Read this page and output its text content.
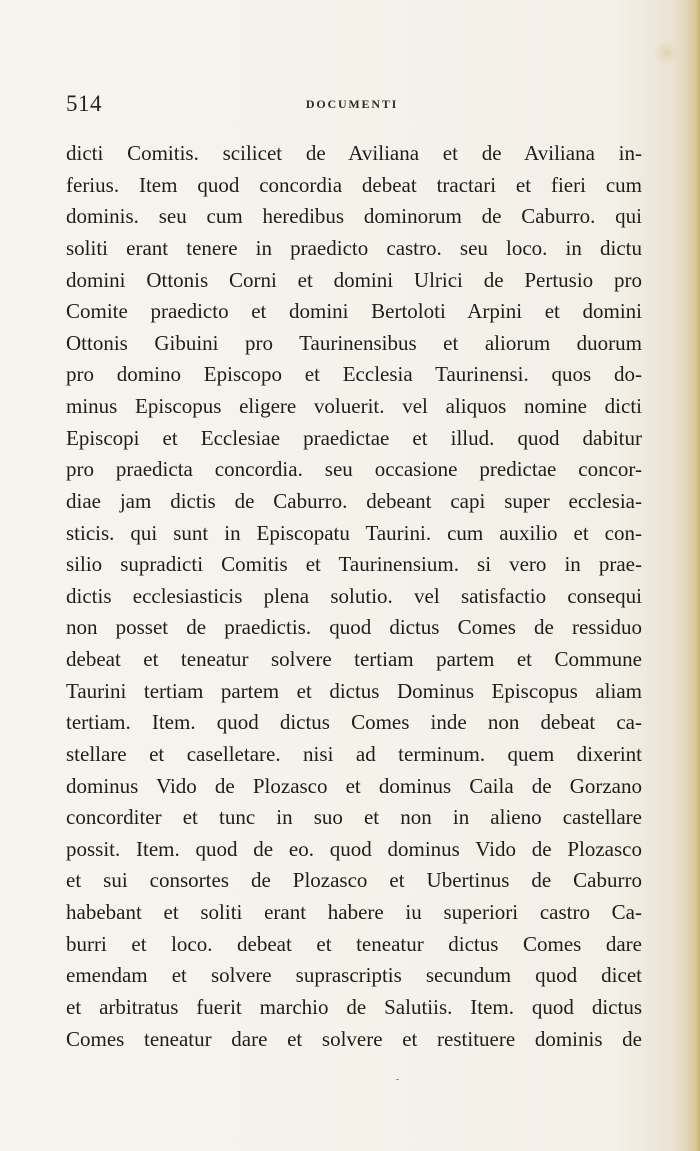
514	DOCUMENTI
dicti Comitis. scilicet de Aviliana et de Aviliana in-
ferius. Item quod concordia debeat tractari et fieri cum
dominis. seu cum heredibus dominorum de Caburro. qui
soliti erant tenere in praedicto castro. seu loco. in dictu
domini Ottonis Corni et domini Ulrici de Pertusio pro
Comite praedicto et domini Bertoloti Arpini et domini
Ottonis Gibuini pro Taurinensibus et aliorum duorum
pro domino Episcopo et Ecclesia Taurinensi. quos do-
minus Episcopus eligere voluerit. vel aliquos nomine dicti
Episcopi et Ecclesiae praedictae et illud. quod dabitur
pro praedicta concordia. seu occasione predictae concor-
diae jam dictis de Caburro. debeant capi super ecclesia-
sticis. qui sunt in Episcopatu Taurini. cum auxilio et con-
silio supradicti Comitis et Taurinensium. si vero in prae-
dictis ecclesiasticis plena solutio. vel satisfactio consequi
non posset de praedictis. quod dictus Comes de ressiduo
debeat et teneatur solvere tertiam partem et Commune
Taurini tertiam partem et dictus Dominus Episcopus aliam
tertiam. Item. quod dictus Comes inde non debeat ca-
stellare et caselletare. nisi ad terminum. quem dixerint
dominus Vido de Plozasco et dominus Caila de Gorzano
concorditer et tunc in suo et non in alieno castellare
possit. Item. quod de eo. quod dominus Vido de Plozasco
et sui consortes de Plozasco et Ubertinus de Caburro
habebant et soliti erant habere iu superiori castro Ca-
burri et loco. debeat et teneatur dictus Comes dare
emendam et solvere suprascriptis secundum quod dicet
et arbitratus fuerit marchio de Salutiis. Item. quod dictus
Comes teneatur dare et solvere et restituere dominis de
